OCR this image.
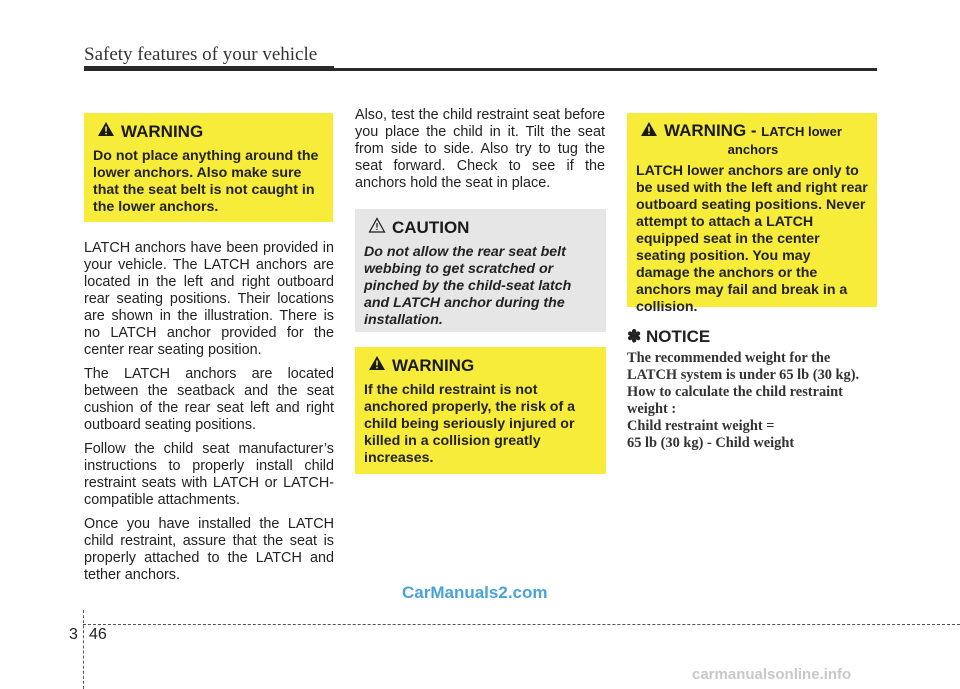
Safety features of your vehicle
WARNING
Do not place anything around the lower anchors. Also make sure that the seat belt is not caught in the lower anchors.

LATCH anchors have been provided in your vehicle. The LATCH anchors are located in the left and right outboard rear seating positions. Their locations are shown in the illustration. There is no LATCH anchor provided for the center rear seating position.

The LATCH anchors are located between the seatback and the seat cushion of the rear seat left and right outboard seating positions.

Follow the child seat manufacturer’s instructions to properly install child restraint seats with LATCH or LATCH-compatible attachments.

Once you have installed the LATCH child restraint, assure that the seat is properly attached to the LATCH and tether anchors.

Also, test the child restraint seat before you place the child in it. Tilt the seat from side to side. Also try to tug the seat forward. Check to see if the anchors hold the seat in place.

CAUTION
Do not allow the rear seat belt webbing to get scratched or pinched by the child-seat latch and LATCH anchor during the installation.
WARNING
If the child restraint is not anchored properly, the risk of a child being seriously injured or killed in a collision greatly increases.
WARNING - LATCH lower
anchors
LATCH lower anchors are only to be used with the left and right rear outboard seating positions. Never attempt to attach a LATCH equipped seat in the center seating position. You may damage the anchors or the anchors may fail and break in a collision.
✽ NOTICE
The recommended weight for the LATCH system is under 65 lb (30 kg).
How to calculate the child restraint weight :
Child restraint weight =
65 lb (30 kg) - Child weight
CarManuals2.com
3 46
carmanualsonline.info
